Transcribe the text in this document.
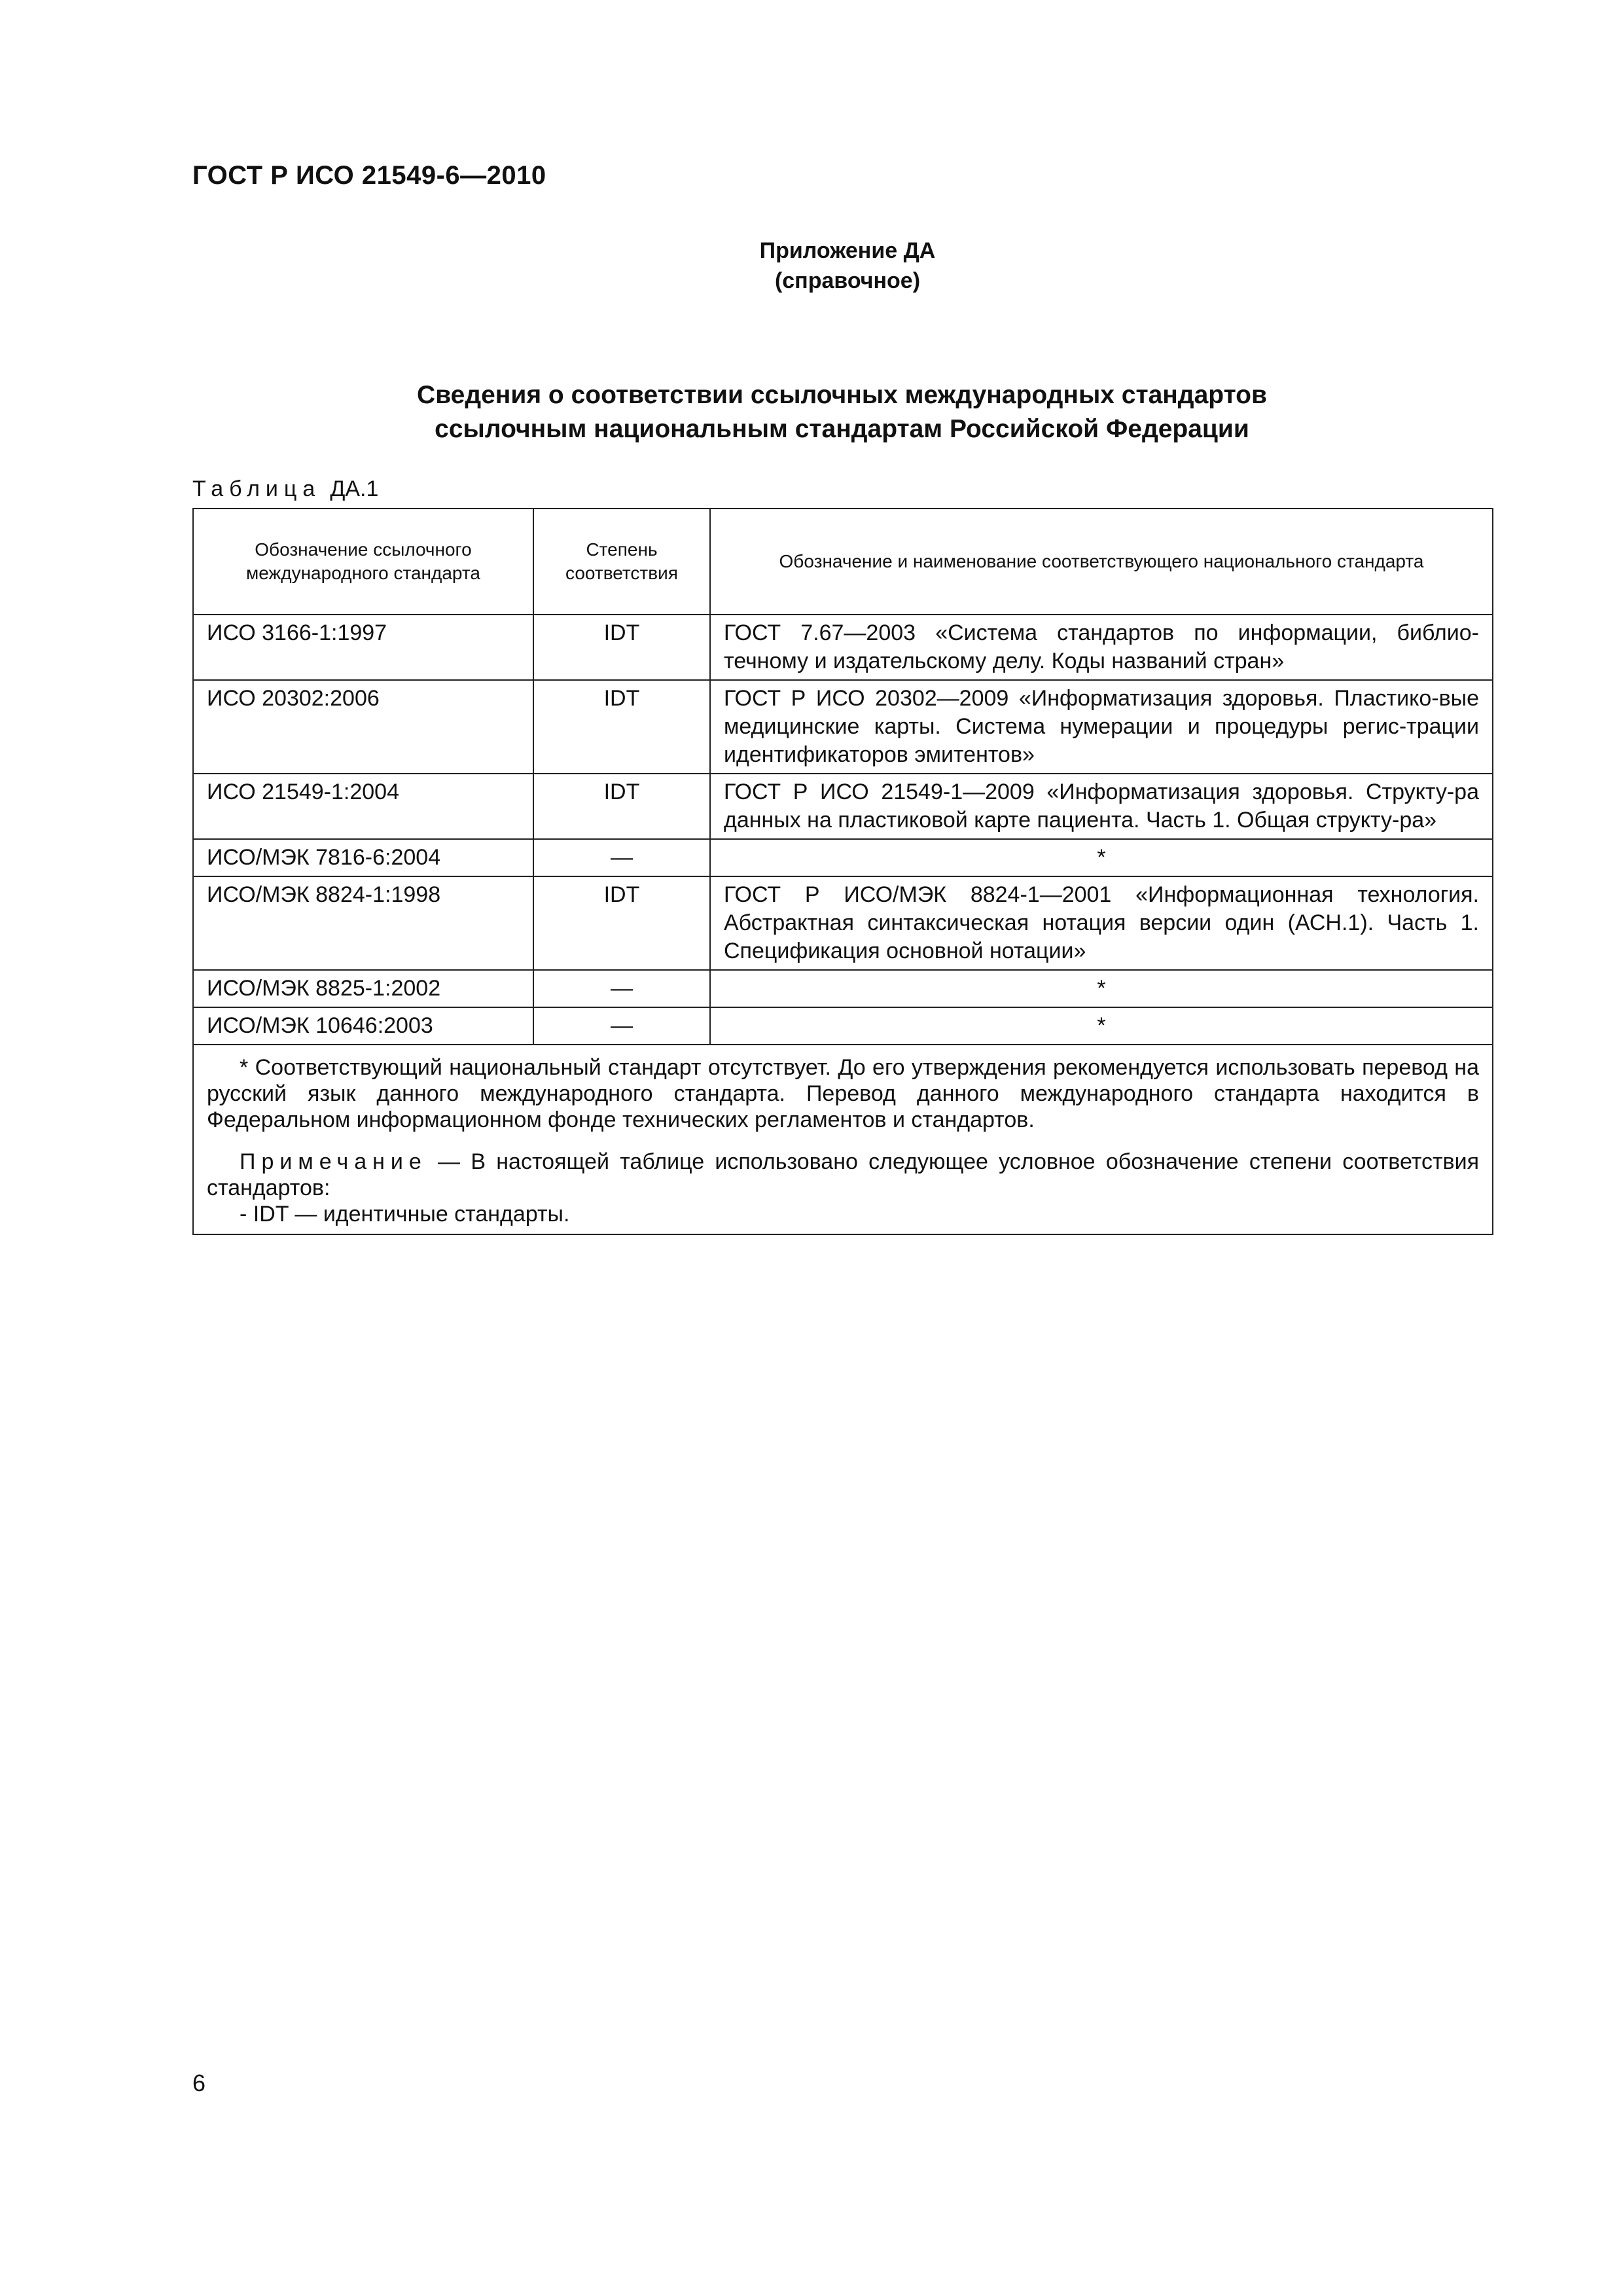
ГОСТ Р ИСО 21549-6—2010
Приложение ДА
(справочное)
Сведения о соответствии ссылочных международных стандартов
ссылочным национальным стандартам Российской Федерации
Таблица ДА.1
Обозначение ссылочного международного стандарта	Степень соответствия	Обозначение и наименование соответствующего национального стандарта
ИСО 3166-1:1997	IDT	ГОСТ 7.67—2003 «Система стандартов по информации, библио-течному и издательскому делу. Коды названий стран»
ИСО 20302:2006	IDT	ГОСТ Р ИСО 20302—2009 «Информатизация здоровья. Пластико-вые медицинские карты. Система нумерации и процедуры регис-трации идентификаторов эмитентов»
ИСО 21549-1:2004	IDT	ГОСТ Р ИСО 21549-1—2009 «Информатизация здоровья. Структу-ра данных на пластиковой карте пациента. Часть 1. Общая структу-ра»
ИСО/МЭК 7816-6:2004	—	*
ИСО/МЭК 8824-1:1998	IDT	ГОСТ Р ИСО/МЭК 8824-1—2001 «Информационная технология. Абстрактная синтаксическая нотация версии один (АСН.1). Часть 1. Спецификация основной нотации»
ИСО/МЭК 8825-1:2002	—	*
ИСО/МЭК 10646:2003	—	*

* Соответствующий национальный стандарт отсутствует. До его утверждения рекомендуется использовать перевод на русский язык данного международного стандарта. Перевод данного международного стандарта находится в Федеральном информационном фонде технических регламентов и стандартов.

Примечание — В настоящей таблице использовано следующее условное обозначение степени соответствия стандартов:

- IDT — идентичные стандарты.		

6
